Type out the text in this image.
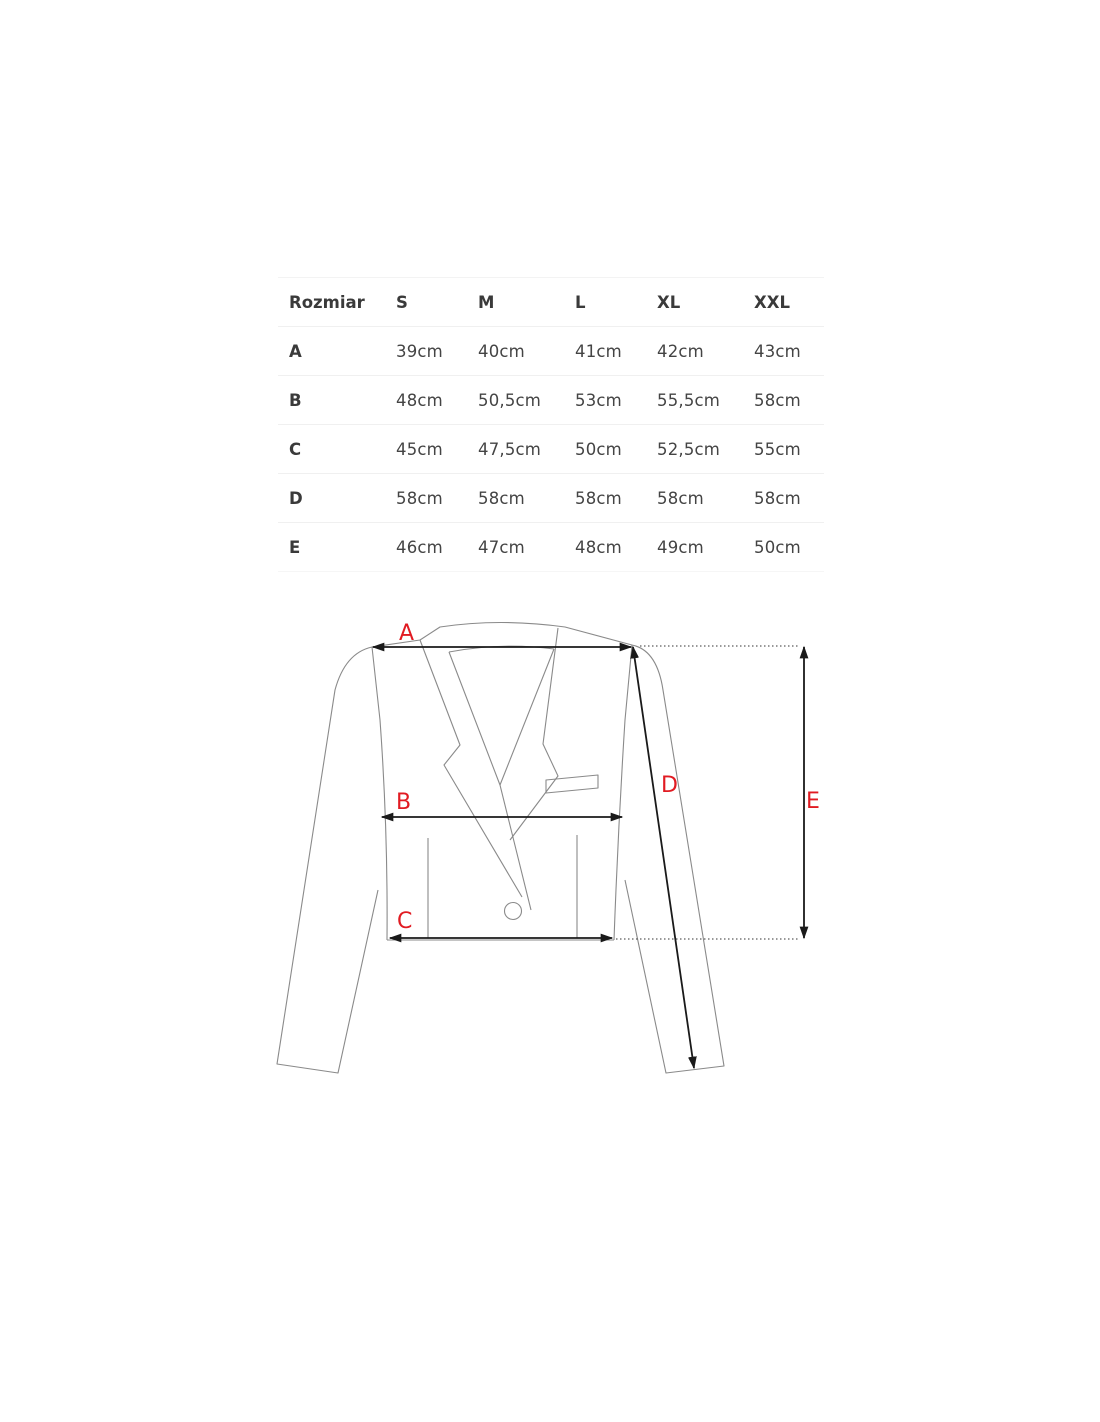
Rozmiar	S	M	L	XL	XXL
A	39cm	40cm	41cm	42cm	43cm
B	48cm	50,5cm	53cm	55,5cm	58cm
C	45cm	47,5cm	50cm	52,5cm	55cm
D	58cm	58cm	58cm	58cm	58cm
E	46cm	47cm	48cm	49cm	50cm
A
B
C
D
E
